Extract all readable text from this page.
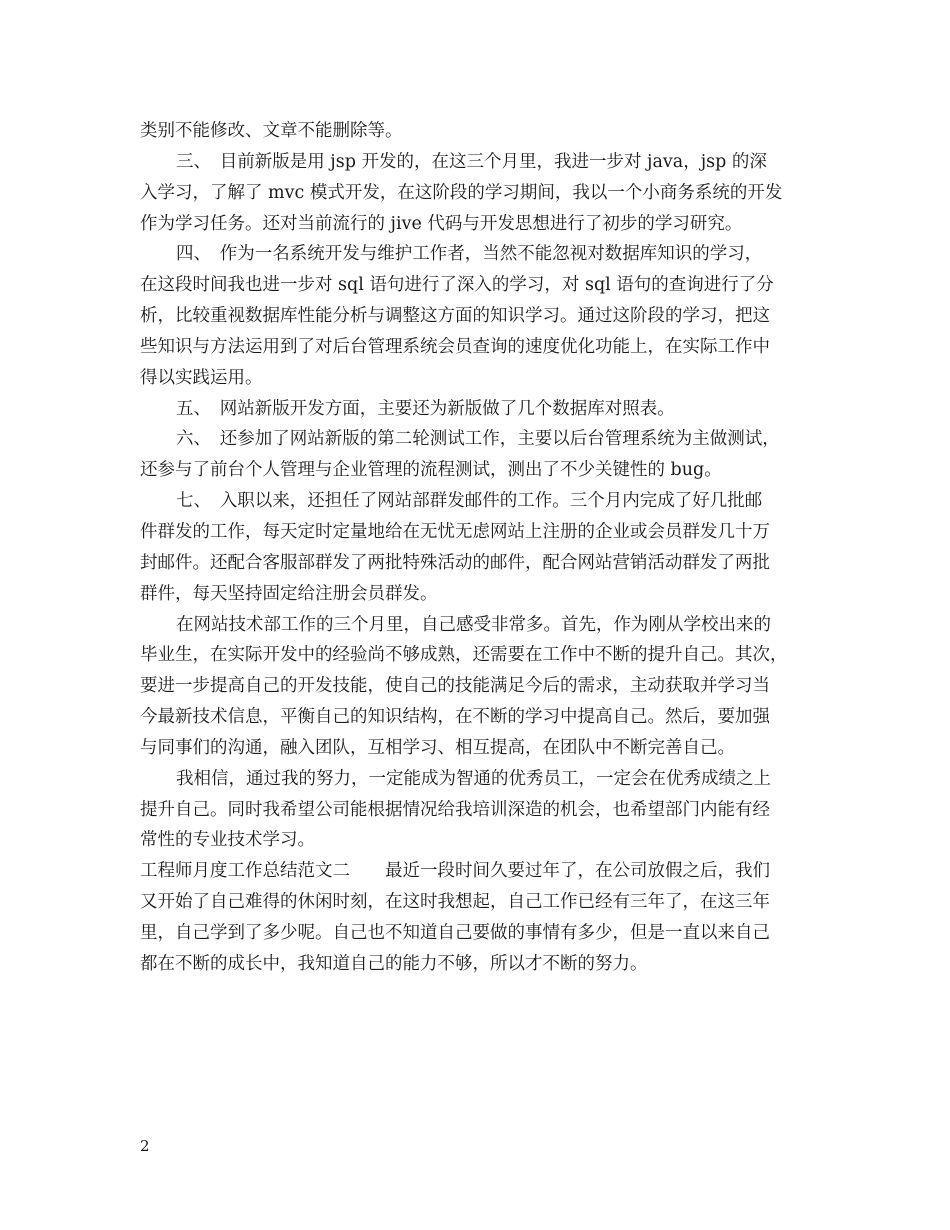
类别不能修改、文章不能删除等。
三、　目前新版是用 jsp 开发的，在这三个月里，我进一步对 java，jsp 的深
入学习，了解了 mvc 模式开发，在这阶段的学习期间，我以一个小商务系统的开发
作为学习任务。还对当前流行的 jive 代码与开发思想进行了初步的学习研究。
四、　作为一名系统开发与维护工作者，当然不能忽视对数据库知识的学习，
在这段时间我也进一步对 sql 语句进行了深入的学习，对 sql 语句的查询进行了分
析，比较重视数据库性能分析与调整这方面的知识学习。通过这阶段的学习，把这
些知识与方法运用到了对后台管理系统会员查询的速度优化功能上，在实际工作中
得以实践运用。
五、　网站新版开发方面，主要还为新版做了几个数据库对照表。
六、　还参加了网站新版的第二轮测试工作，主要以后台管理系统为主做测试，
还参与了前台个人管理与企业管理的流程测试，测出了不少关键性的 bug。
七、　入职以来，还担任了网站部群发邮件的工作。三个月内完成了好几批邮
件群发的工作，每天定时定量地给在无忧无虑网站上注册的企业或会员群发几十万
封邮件。还配合客服部群发了两批特殊活动的邮件，配合网站营销活动群发了两批
群件，每天坚持固定给注册会员群发。
在网站技术部工作的三个月里，自己感受非常多。首先，作为刚从学校出来的
毕业生，在实际开发中的经验尚不够成熟，还需要在工作中不断的提升自己。其次，
要进一步提高自己的开发技能，使自己的技能满足今后的需求，主动获取并学习当
今最新技术信息，平衡自己的知识结构，在不断的学习中提高自己。然后，要加强
与同事们的沟通，融入团队，互相学习、相互提高，在团队中不断完善自己。
我相信，通过我的努力，一定能成为智通的优秀员工，一定会在优秀成绩之上
提升自己。同时我希望公司能根据情况给我培训深造的机会，也希望部门内能有经
常性的专业技术学习。
工程师月度工作总结范文二　　最近一段时间久要过年了，在公司放假之后，我们
又开始了自己难得的休闲时刻，在这时我想起，自己工作已经有三年了，在这三年
里，自己学到了多少呢。自己也不知道自己要做的事情有多少，但是一直以来自己
都在不断的成长中，我知道自己的能力不够，所以才不断的努力。
2
